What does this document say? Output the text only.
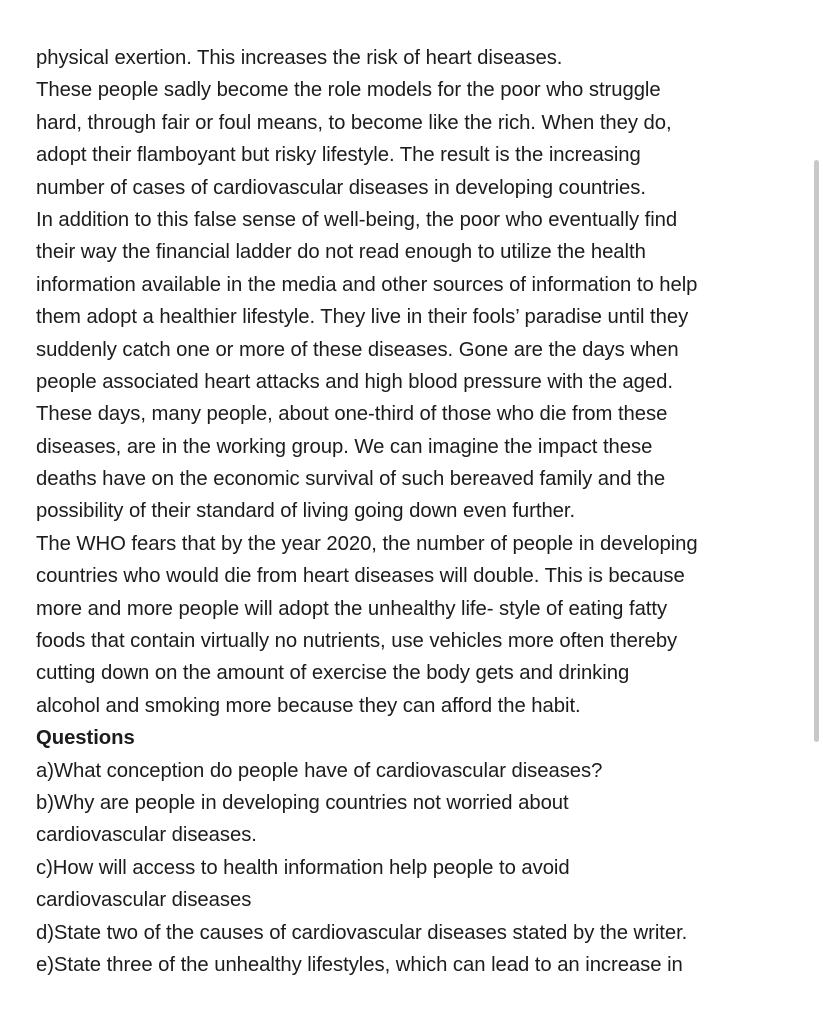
physical exertion. This increases the risk of heart diseases.
These people sadly become the role models for the poor who struggle
hard, through fair or foul means, to become like the rich. When they do,
adopt their flamboyant but risky lifestyle. The result is the increasing
number of cases of cardiovascular diseases in developing countries.
In addition to this false sense of well-being, the poor who eventually find
their way the financial ladder do not read enough to utilize the health
information available in the media and other sources of information to help
them adopt a healthier lifestyle. They live in their fools’ paradise until they
suddenly catch one or more of these diseases. Gone are the days when
people associated heart attacks and high blood pressure with the aged.
These days, many people, about one-third of those who die from these
diseases, are in the working group. We can imagine the impact these
deaths have on the economic survival of such bereaved family and the
possibility of their standard of living going down even further.
The WHO fears that by the year 2020, the number of people in developing
countries who would die from heart diseases will double. This is because
more and more people will adopt the unhealthy life- style of eating fatty
foods that contain virtually no nutrients, use vehicles more often thereby
cutting down on the amount of exercise the body gets and drinking
alcohol and smoking more because they can afford the habit.
Questions
a)What conception do people have of cardiovascular diseases?
b)Why are people in developing countries not worried about
cardiovascular diseases.
c)How will access to health information help people to avoid
cardiovascular diseases
d)State two of the causes of cardiovascular diseases stated by the writer.
e)State three of the unhealthy lifestyles, which can lead to an increase in
